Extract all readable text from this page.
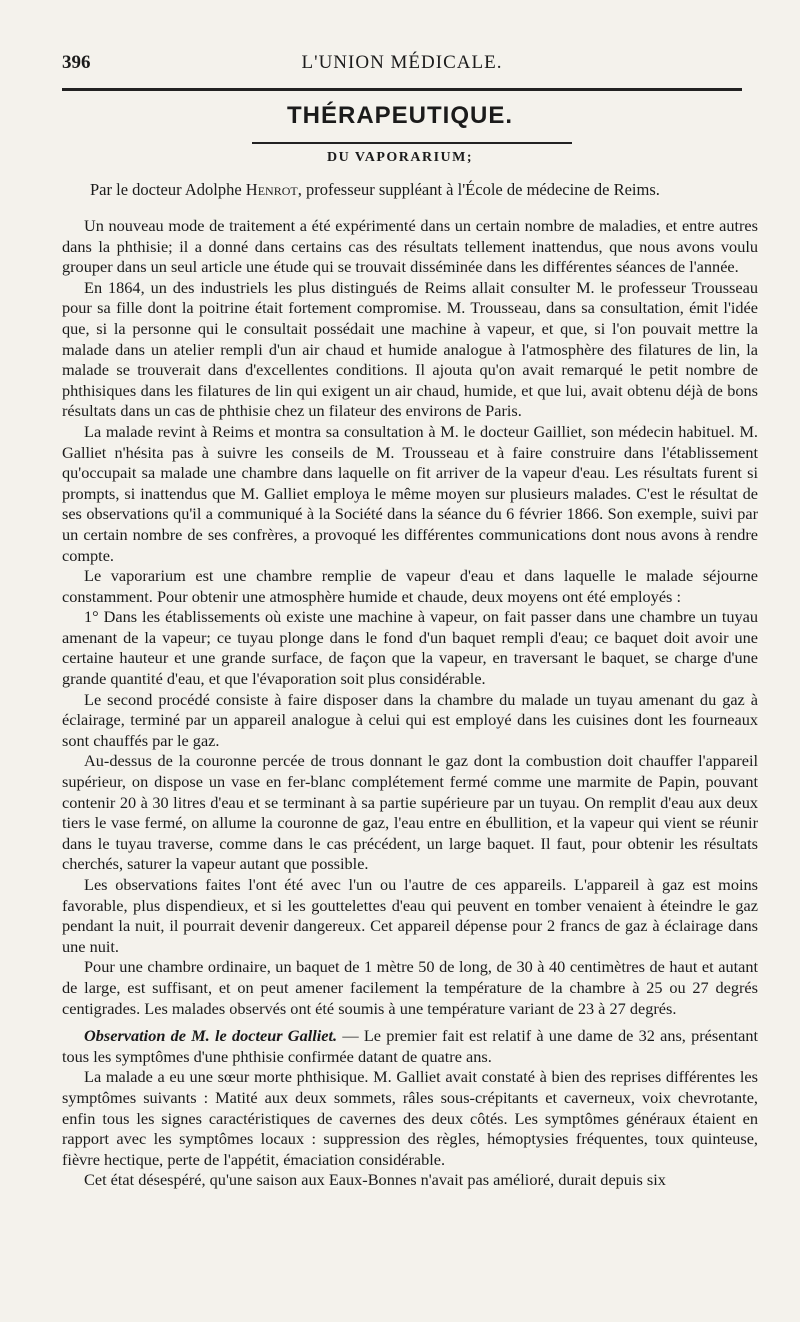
396	L'UNION MÉDICALE.
THÉRAPEUTIQUE.
DU VAPORARIUM;
Par le docteur Adolphe Henrot, professeur suppléant à l'École de médecine de Reims.

Un nouveau mode de traitement a été expérimenté dans un certain nombre de maladies, et entre autres dans la phthisie; il a donné dans certains cas des résultats tellement inattendus, que nous avons voulu grouper dans un seul article une étude qui se trouvait disséminée dans les différentes séances de l'année.

En 1864, un des industriels les plus distingués de Reims allait consulter M. le professeur Trousseau pour sa fille dont la poitrine était fortement compromise. M. Trousseau, dans sa consultation, émit l'idée que, si la personne qui le consultait possédait une machine à vapeur, et que, si l'on pouvait mettre la malade dans un atelier rempli d'un air chaud et humide analogue à l'atmosphère des filatures de lin, la malade se trouverait dans d'excellentes conditions. Il ajouta qu'on avait remarqué le petit nombre de phthisiques dans les filatures de lin qui exigent un air chaud, humide, et que lui, avait obtenu déjà de bons résultats dans un cas de phthisie chez un filateur des environs de Paris.

La malade revint à Reims et montra sa consultation à M. le docteur Gailliet, son médecin habituel. M. Galliet n'hésita pas à suivre les conseils de M. Trousseau et à faire construire dans l'établissement qu'occupait sa malade une chambre dans laquelle on fit arriver de la vapeur d'eau. Les résultats furent si prompts, si inattendus que M. Galliet employa le même moyen sur plusieurs malades. C'est le résultat de ses observations qu'il a communiqué à la Société dans la séance du 6 février 1866. Son exemple, suivi par un certain nombre de ses confrères, a provoqué les différentes communications dont nous avons à rendre compte.

Le vaporarium est une chambre remplie de vapeur d'eau et dans laquelle le malade séjourne constamment. Pour obtenir une atmosphère humide et chaude, deux moyens ont été employés :

1° Dans les établissements où existe une machine à vapeur, on fait passer dans une chambre un tuyau amenant de la vapeur; ce tuyau plonge dans le fond d'un baquet rempli d'eau; ce baquet doit avoir une certaine hauteur et une grande surface, de façon que la vapeur, en traversant le baquet, se charge d'une grande quantité d'eau, et que l'évaporation soit plus considérable.

Le second procédé consiste à faire disposer dans la chambre du malade un tuyau amenant du gaz à éclairage, terminé par un appareil analogue à celui qui est employé dans les cuisines dont les fourneaux sont chauffés par le gaz.

Au-dessus de la couronne percée de trous donnant le gaz dont la combustion doit chauffer l'appareil supérieur, on dispose un vase en fer-blanc complétement fermé comme une marmite de Papin, pouvant contenir 20 à 30 litres d'eau et se terminant à sa partie supérieure par un tuyau. On remplit d'eau aux deux tiers le vase fermé, on allume la couronne de gaz, l'eau entre en ébullition, et la vapeur qui vient se réunir dans le tuyau traverse, comme dans le cas précédent, un large baquet. Il faut, pour obtenir les résultats cherchés, saturer la vapeur autant que possible.

Les observations faites l'ont été avec l'un ou l'autre de ces appareils. L'appareil à gaz est moins favorable, plus dispendieux, et si les gouttelettes d'eau qui peuvent en tomber venaient à éteindre le gaz pendant la nuit, il pourrait devenir dangereux. Cet appareil dépense pour 2 francs de gaz à éclairage dans une nuit.

Pour une chambre ordinaire, un baquet de 1 mètre 50 de long, de 30 à 40 centimètres de haut et autant de large, est suffisant, et on peut amener facilement la température de la chambre à 25 ou 27 degrés centigrades. Les malades observés ont été soumis à une température variant de 23 à 27 degrés.

Observation de M. le docteur Galliet. — Le premier fait est relatif à une dame de 32 ans, présentant tous les symptômes d'une phthisie confirmée datant de quatre ans.

La malade a eu une sœur morte phthisique. M. Galliet avait constaté à bien des reprises différentes les symptômes suivants : Matité aux deux sommets, râles sous-crépitants et caverneux, voix chevrotante, enfin tous les signes caractéristiques de cavernes des deux côtés. Les symptômes généraux étaient en rapport avec les symptômes locaux : suppression des règles, hémoptysies fréquentes, toux quinteuse, fièvre hectique, perte de l'appétit, émaciation considérable.

Cet état désespéré, qu'une saison aux Eaux-Bonnes n'avait pas amélioré, durait depuis six
